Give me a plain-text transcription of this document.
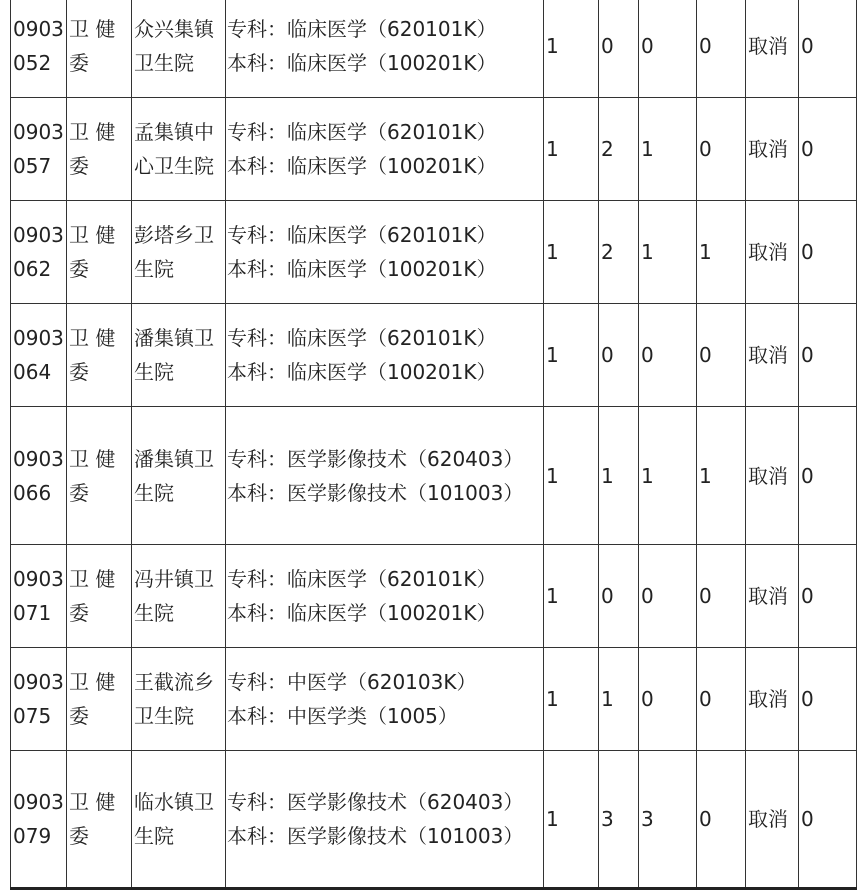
0903052	卫 健委	众兴集镇卫生院	专科：临床医学（620101K）
本科：临床医学（100201K）	1	0	0	0	取消	0
0903057	卫 健委	孟集镇中心卫生院	专科：临床医学（620101K）
本科：临床医学（100201K）	1	2	1	0	取消	0
0903062	卫 健委	彭塔乡卫生院	专科：临床医学（620101K）
本科：临床医学（100201K）	1	2	1	1	取消	0
0903064	卫 健委	潘集镇卫生院	专科：临床医学（620101K）
本科：临床医学（100201K）	1	0	0	0	取消	0
0903066	卫 健委	潘集镇卫生院	专科：医学影像技术（620403）
本科：医学影像技术（101003）	1	1	1	1	取消	0
0903071	卫 健委	冯井镇卫生院	专科：临床医学（620101K）
本科：临床医学（100201K）	1	0	0	0	取消	0
0903075	卫 健委	王截流乡卫生院	专科：中医学（620103K）
本科：中医学类（1005）	1	1	0	0	取消	0
0903079	卫 健委	临水镇卫生院	专科：医学影像技术（620403）
本科：医学影像技术（101003）	1	3	3	0	取消	0
